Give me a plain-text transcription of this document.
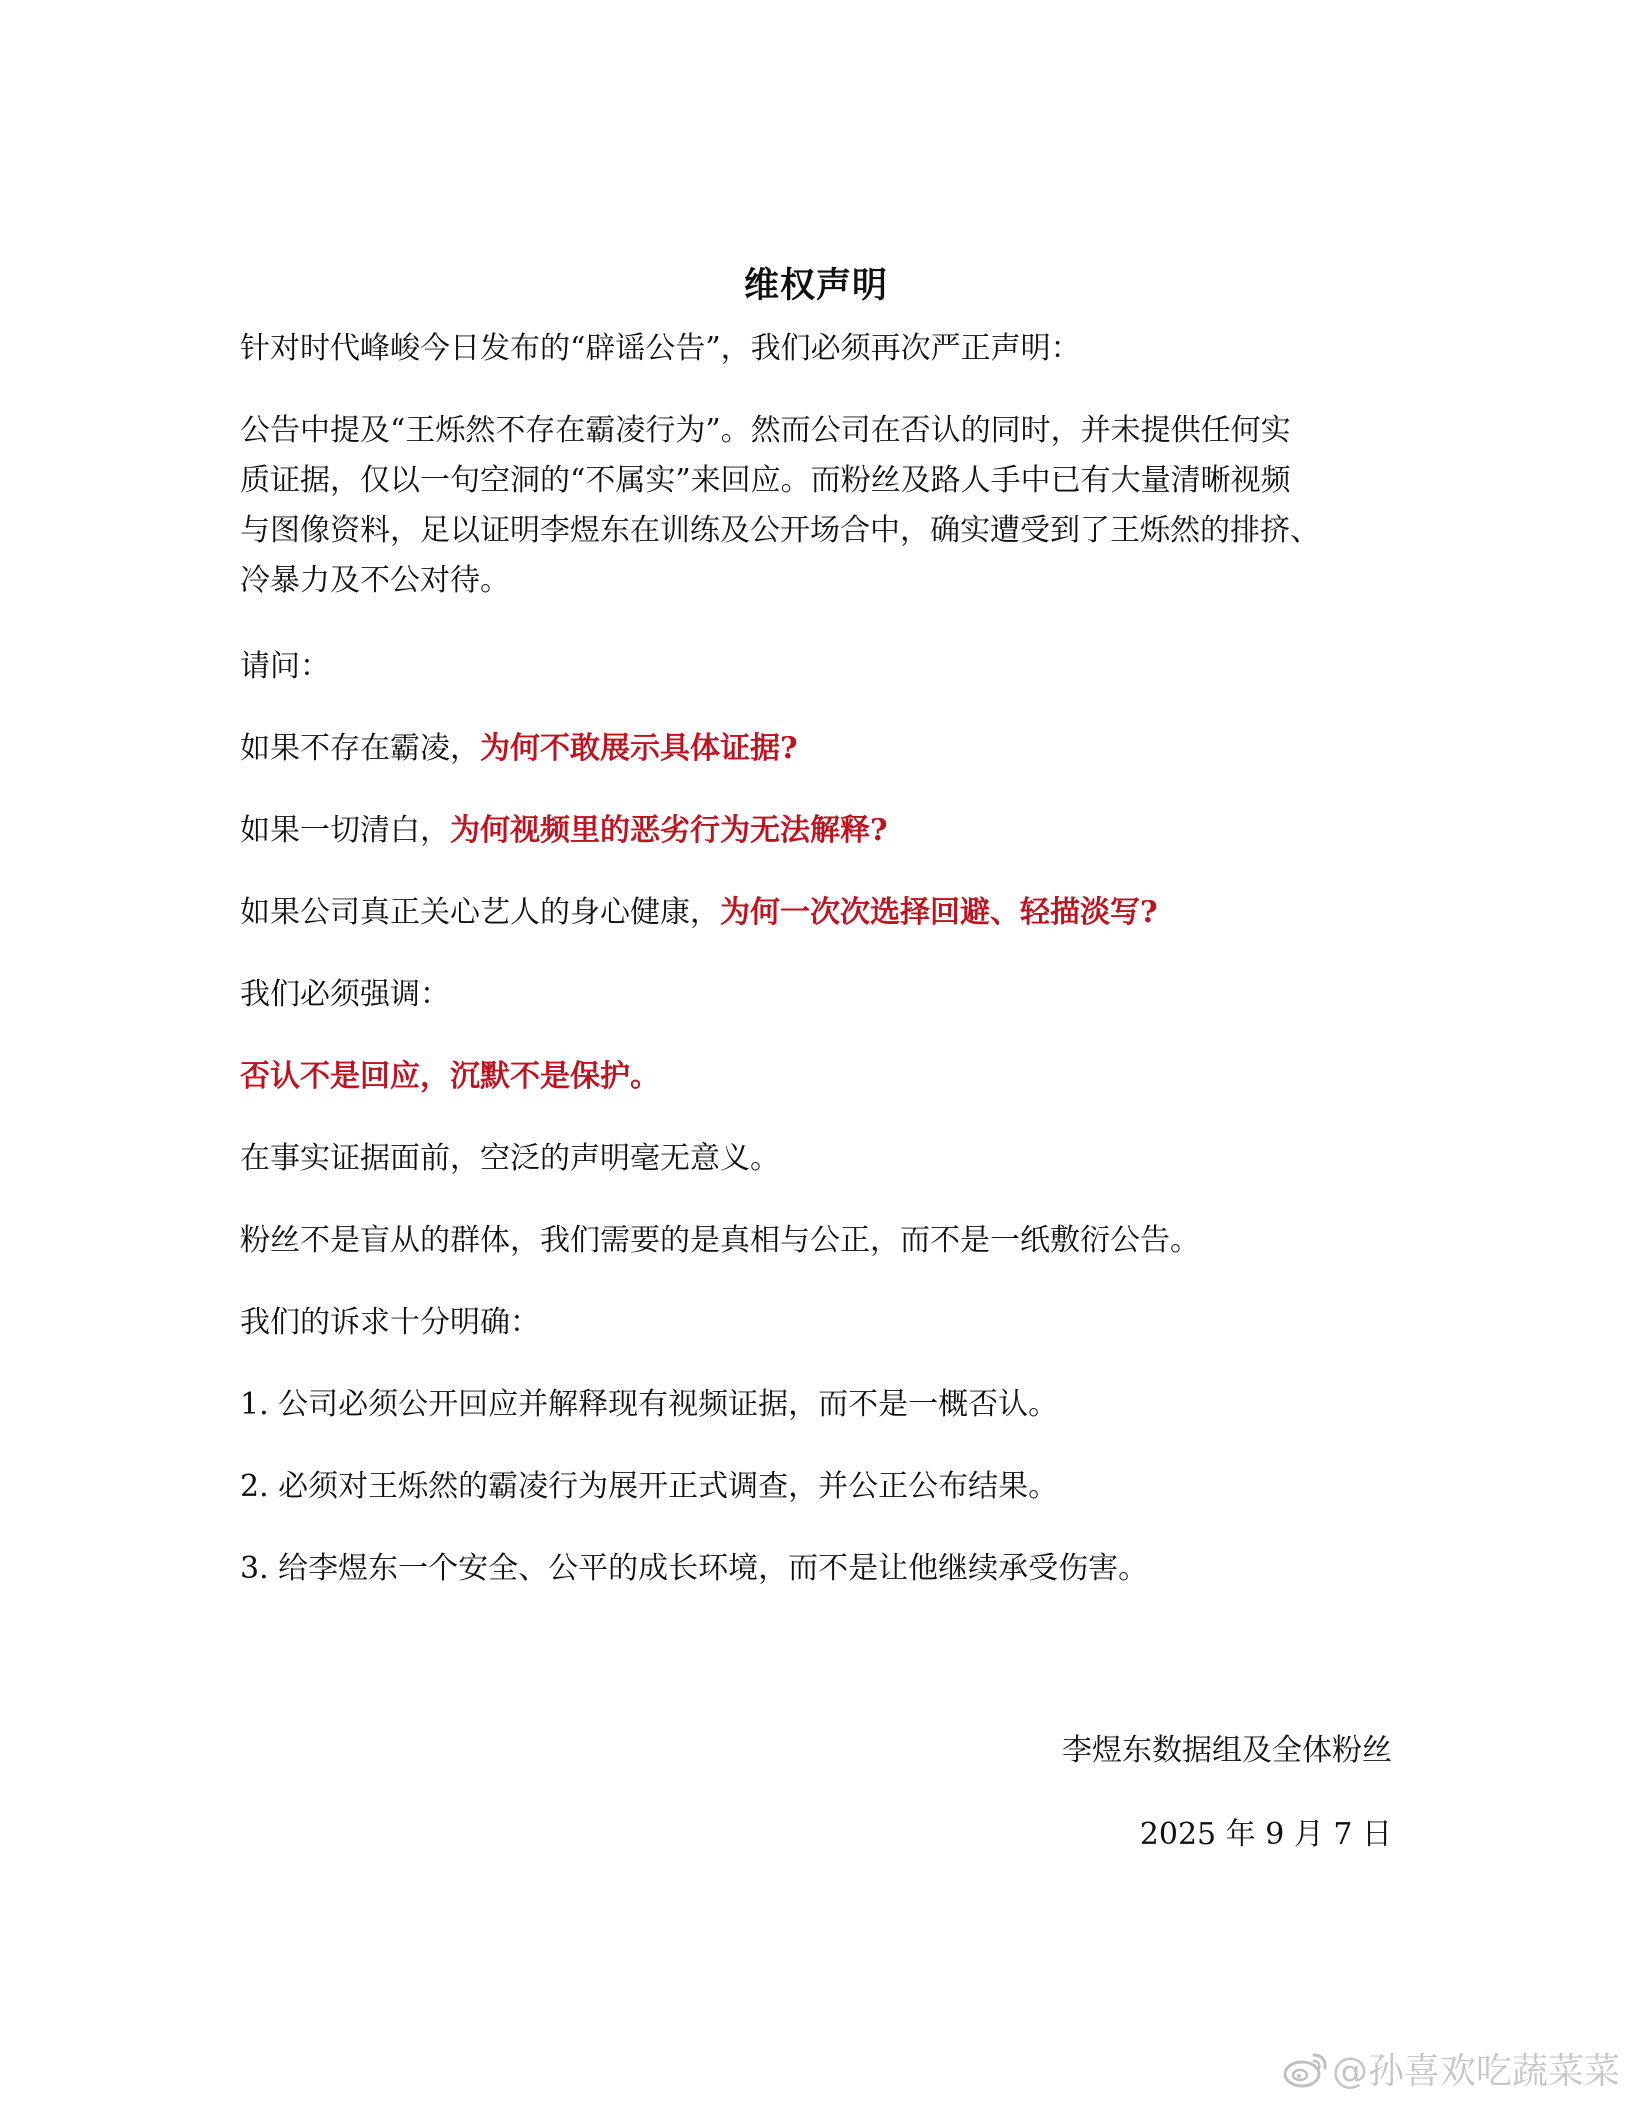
维权声明

针对时代峰峻今日发布的“辟谣公告”，我们必须再次严正声明：

公告中提及“王烁然不存在霸凌行为”。然而公司在否认的同时，并未提供任何实
质证据，仅以一句空洞的“不属实”来回应。而粉丝及路人手中已有大量清晰视频
与图像资料，足以证明李煜东在训练及公开场合中，确实遭受到了王烁然的排挤、
冷暴力及不公对待。

请问：

如果不存在霸凌，为何不敢展示具体证据?

如果一切清白，为何视频里的恶劣行为无法解释?

如果公司真正关心艺人的身心健康，为何一次次选择回避、轻描淡写?

我们必须强调：

否认不是回应，沉默不是保护。

在事实证据面前，空泛的声明毫无意义。

粉丝不是盲从的群体，我们需要的是真相与公正，而不是一纸敷衍公告。

我们的诉求十分明确：

1. 公司必须公开回应并解释现有视频证据，而不是一概否认。

2. 必须对王烁然的霸凌行为展开正式调查，并公正公布结果。

3. 给李煜东一个安全、公平的成长环境，而不是让他继续承受伤害。

李煜东数据组及全体粉丝

2025 年 9 月 7 日

@孙喜欢吃蔬菜菜
